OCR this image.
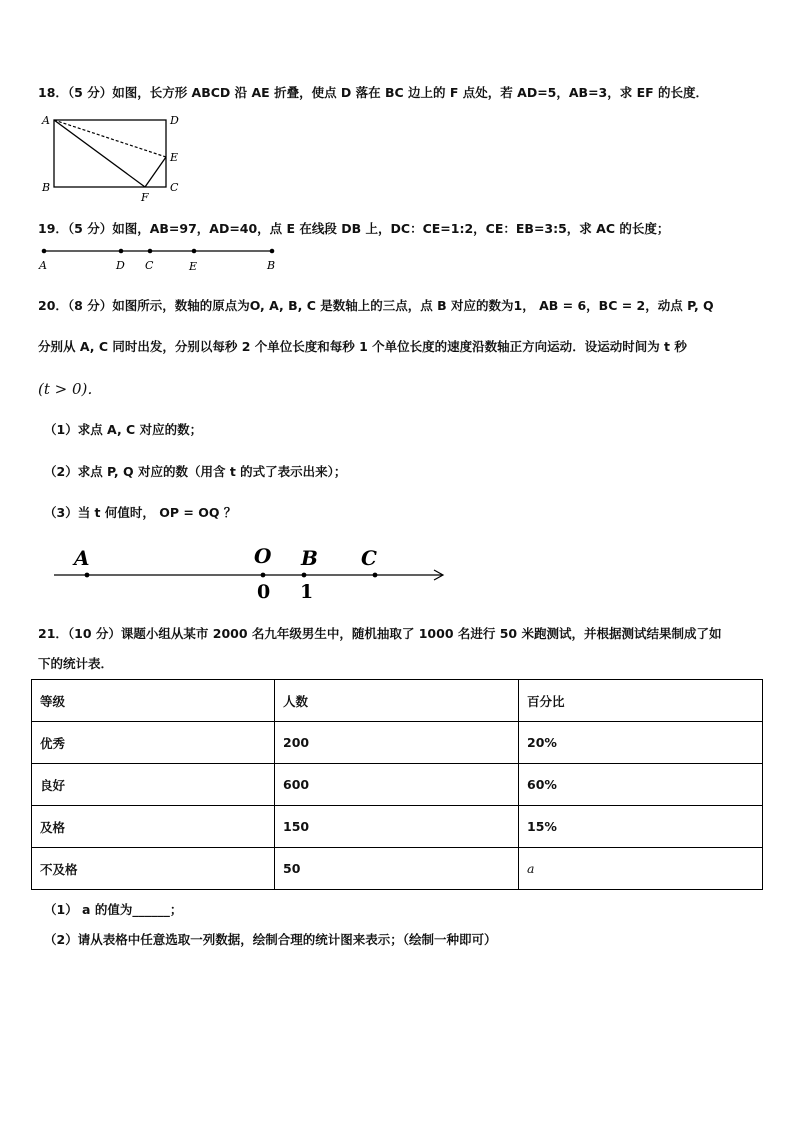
18．（5 分）如图，长方形 ABCD 沿 AE 折叠，使点 D 落在 BC 边上的 F 点处，若 AD=5，AB=3，求 EF 的长度．
A	D
E
B	C
F
19．（5 分）如图，AB=97，AD=40，点 E 在线段 DB 上，DC：CE=1:2，CE：EB=3:5，求 AC 的长度；
A	D C	E	B
20．（8 分）如图所示，数轴的原点为O, A, B, C 是数轴上的三点，点 B 对应的数为1， AB = 6，BC = 2，动点 P, Q
分别从 A, C 同时出发，分别以每秒 2 个单位长度和每秒 1 个单位长度的速度沿数轴正方向运动．设运动时间为 t 秒
(t > 0)．
（1）求点 A, C 对应的数；
（2）求点 P, Q 对应的数（用含 t 的式了表示出来）；
（3）当 t 何值时， OP = OQ ？
A	O B C
0 1
21．（10 分）课题小组从某市 2000 名九年级男生中，随机抽取了 1000 名进行 50 米跑测试，并根据测试结果制成了如
下的统计表．
等级	人数	百分比
优秀	200	20%
良好	600	60%
及格	150	15%
不及格	50	a
（1） a 的值为______；
（2）请从表格中任意选取一列数据，绘制合理的统计图来表示；（绘制一种即可）
